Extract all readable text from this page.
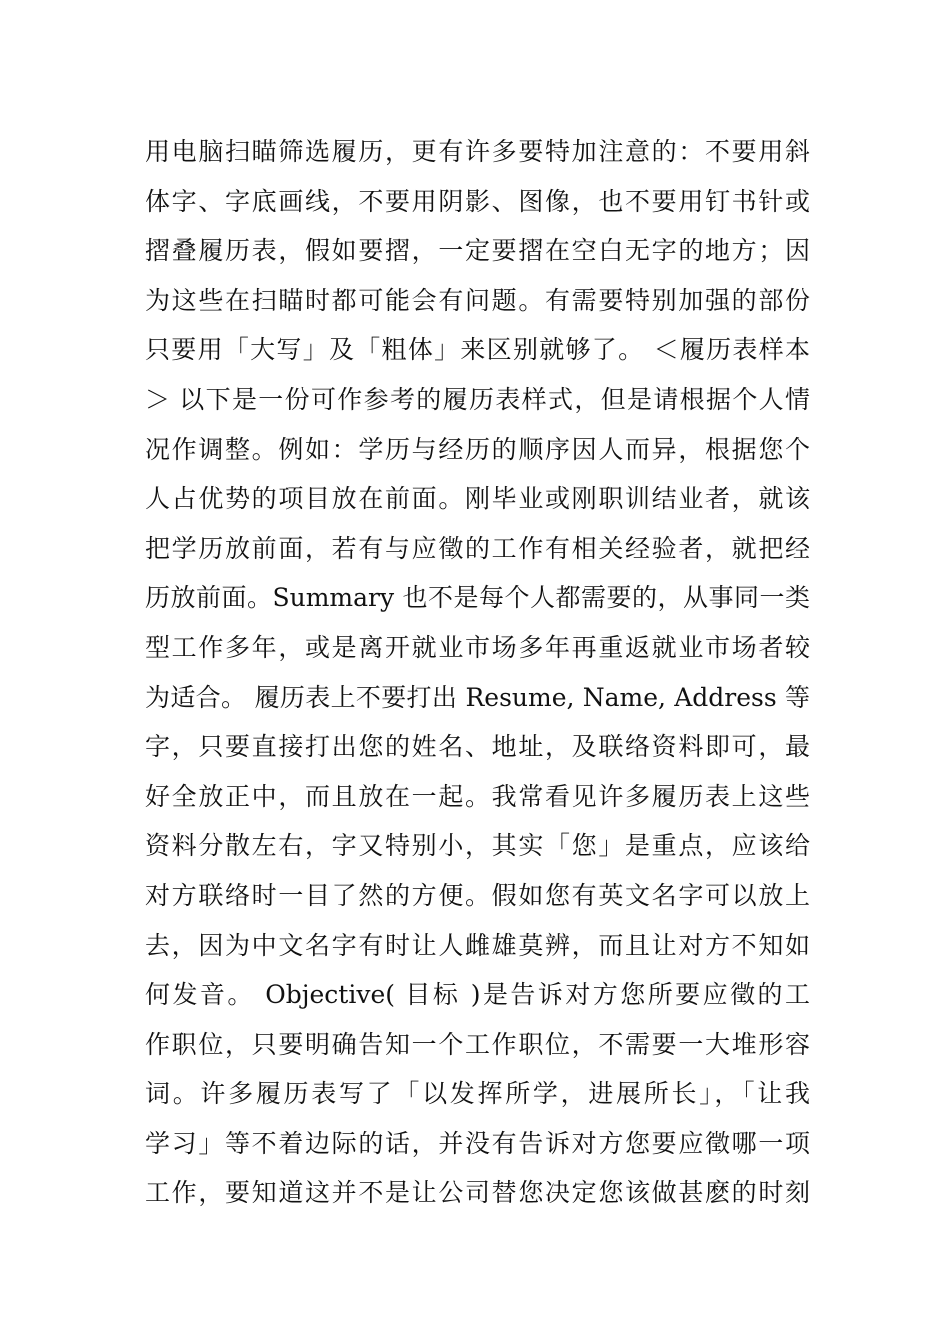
用电脑扫瞄筛选履历，更有许多要特加注意的：不要用斜
体字、字底画线，不要用阴影、图像，也不要用钉书针或
摺叠履历表，假如要摺，一定要摺在空白无字的地方；因
为这些在扫瞄时都可能会有问题。有需要特别加强的部份
只要用「大写」及「粗体」来区别就够了。 ＜履历表样本
＞ 以下是一份可作参考的履历表样式，但是请根据个人情
况作调整。例如：学历与经历的顺序因人而异，根据您个
人占优势的项目放在前面。刚毕业或刚职训结业者，就该
把学历放前面，若有与应徵的工作有相关经验者，就把经
历放前面。Summary 也不是每个人都需要的，从事同一类
型工作多年，或是离开就业市场多年再重返就业市场者较
为适合。 履历表上不要打出 Resume, Name, Address 等
字，只要直接打出您的姓名、地址，及联络资料即可，最
好全放正中，而且放在一起。我常看见许多履历表上这些
资料分散左右，字又特别小，其实「您」是重点，应该给
对方联络时一目了然的方便。假如您有英文名字可以放上
去，因为中文名字有时让人雌雄莫辨，而且让对方不知如
何发音。 Objective( 目标 )是告诉对方您所要应徵的工
作职位，只要明确告知一个工作职位，不需要一大堆形容
词。许多履历表写了「以发挥所学，进展所长」，「让我
学习」等不着边际的话，并没有告诉对方您要应徵哪一项
工作，要知道这并不是让公司替您决定您该做甚麽的时刻
